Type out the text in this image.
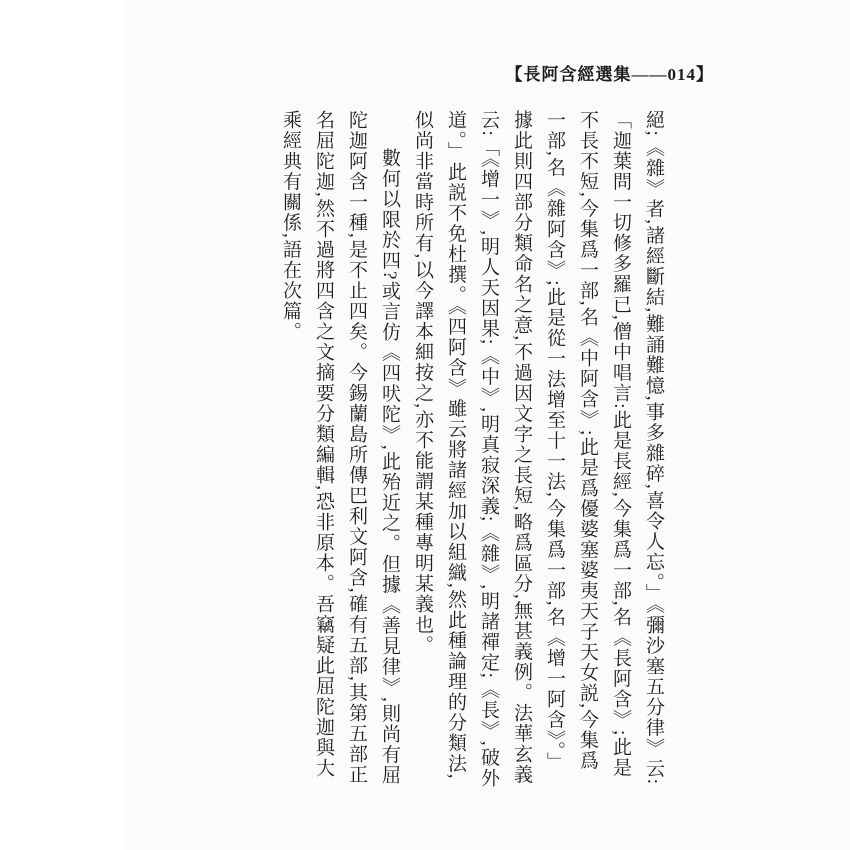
【長阿含經選集——014】

絕;《雜》者,諸經斷結,難誦難憶,事多雜碎,喜令人忘。」《彌沙塞五分律》云:「迦葉問一切修多羅已,僧中唱言:此是長經,今集爲一部,名《長阿含》;此是不長不短,今集爲一部,名《中阿含》;此是爲優婆塞婆夷天子天女説,今集爲一部,名《雜阿含》;此是從一法增至十一法,今集爲一部,名《增一阿含》。」據此則四部分類命名之意,不過因文字之長短,略爲區分,無甚義例。法華玄義云:「《增一》,明人天因果;《中》,明真寂深義;《雜》,明諸禪定;《長》,破外道。」此説不免杜撰。《四阿含》雖云將諸經加以組織,然此種論理的分類法,似尚非當時所有,以今譯本細按之,亦不能謂某種專明某義也。

數何以限於四?或言仿《四吠陀》,此殆近之。但據《善見律》,則尚有屈陀迦阿含一種,是不止四矣。今錫蘭島所傳巴利文阿含,確有五部,其第五部正名屈陀迦,然不過將四含之文摘要分類編輯,恐非原本。吾竊疑此屈陀迦與大乘經典有關係,語在次篇。
